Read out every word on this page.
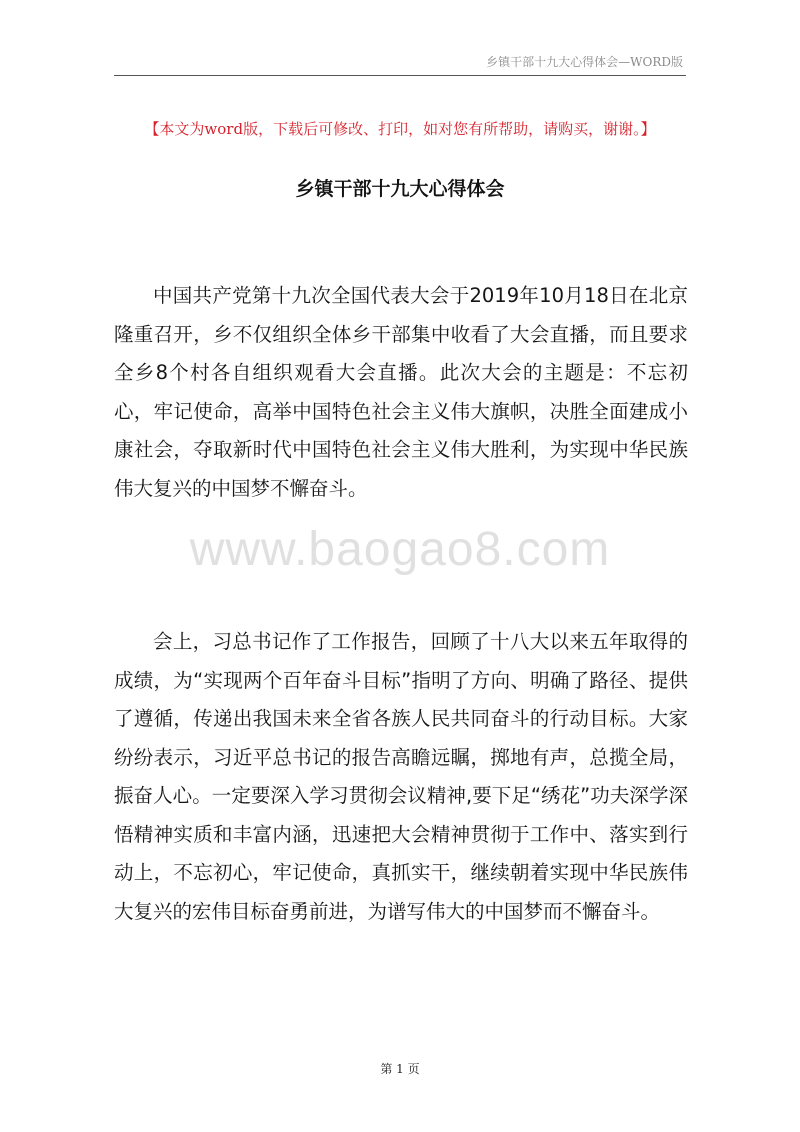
乡镇干部十九大心得体会—WORD版
【本文为word版，下载后可修改、打印，如对您有所帮助，请购买，谢谢。】
乡镇干部十九大心得体会

中国共产党第十九次全国代表大会于2019年10月18日在北京隆重召开，乡不仅组织全体乡干部集中收看了大会直播，而且要求全乡8个村各自组织观看大会直播。此次大会的主题是：不忘初心，牢记使命，高举中国特色社会主义伟大旗帜，决胜全面建成小康社会，夺取新时代中国特色社会主义伟大胜利，为实现中华民族伟大复兴的中国梦不懈奋斗。

www.baogao8.com

会上，习总书记作了工作报告，回顾了十八大以来五年取得的成绩，为“实现两个百年奋斗目标”指明了方向、明确了路径、提供了遵循，传递出我国未来全省各族人民共同奋斗的行动目标。大家纷纷表示，习近平总书记的报告高瞻远瞩，掷地有声，总揽全局，振奋人心。一定要深入学习贯彻会议精神,要下足“绣花”功夫深学深悟精神实质和丰富内涵，迅速把大会精神贯彻于工作中、落实到行动上，不忘初心，牢记使命，真抓实干，继续朝着实现中华民族伟大复兴的宏伟目标奋勇前进，为谱写伟大的中国梦而不懈奋斗。

第 1 页
